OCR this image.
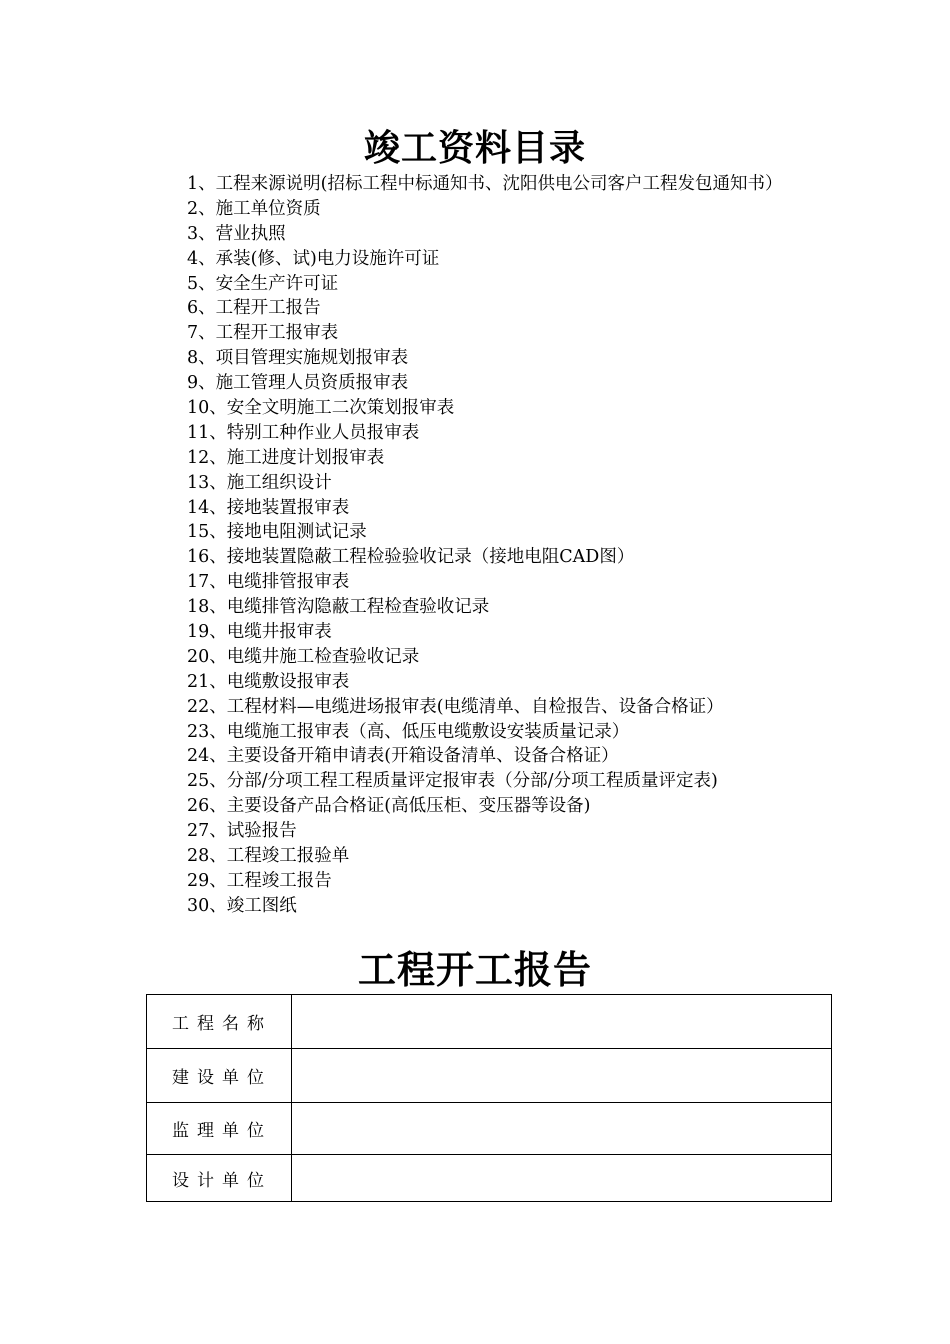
竣工资料目录
1、工程来源说明(招标工程中标通知书、沈阳供电公司客户工程发包通知书）
2、施工单位资质
3、营业执照
4、承装(修、试)电力设施许可证
5、安全生产许可证
6、工程开工报告
7、工程开工报审表
8、项目管理实施规划报审表
9、施工管理人员资质报审表
10、安全文明施工二次策划报审表
11、特别工种作业人员报审表
12、施工进度计划报审表
13、施工组织设计
14、接地装置报审表
15、接地电阻测试记录
16、接地装置隐蔽工程检验验收记录（接地电阻CAD图）
17、电缆排管报审表
18、电缆排管沟隐蔽工程检查验收记录
19、电缆井报审表
20、电缆井施工检查验收记录
21、电缆敷设报审表
22、工程材料—电缆进场报审表(电缆清单、自检报告、设备合格证）
23、电缆施工报审表（高、低压电缆敷设安装质量记录）
24、主要设备开箱申请表(开箱设备清单、设备合格证）
25、分部/分项工程工程质量评定报审表（分部/分项工程质量评定表)
26、主要设备产品合格证(高低压柜、变压器等设备)
27、试验报告
28、工程竣工报验单
29、工程竣工报告
30、竣工图纸
工程开工报告
工程名称	
建设单位	
监理单位	
设计单位	
